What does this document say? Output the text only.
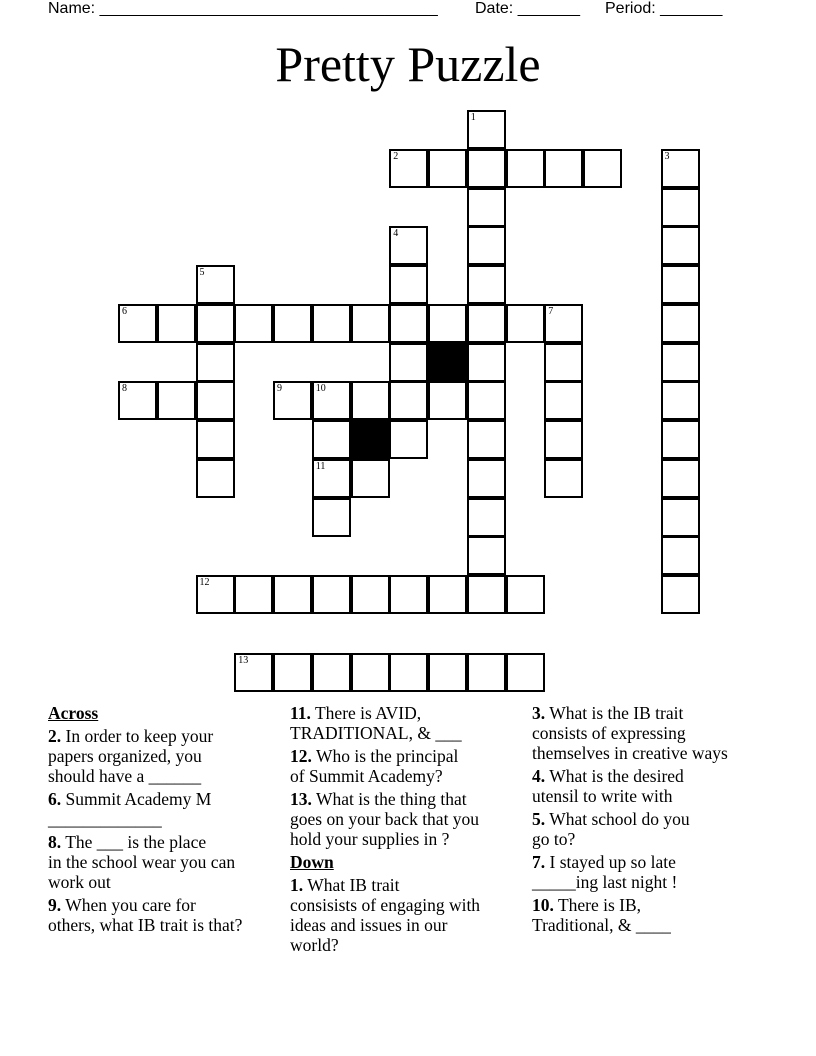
Name: ______________________________________ Date: _______ Period: _______
Pretty Puzzle
1
2	3
4
5
6	7
8	9	10
11
12
13
Across
2. In order to keep your
papers organized, you
should have a ______
6. Summit Academy M
_____________
8. The ___ is the place
in the school wear you can
work out
9. When you care for
others, what IB trait is that?
11. There is AVID,
TRADITIONAL, & ___
12. Who is the principal
of Summit Academy?
13. What is the thing that
goes on your back that you
hold your supplies in ?
Down
1. What IB trait
consisists of engaging with
ideas and issues in our
world?
3. What is the IB trait
consists of expressing
themselves in creative ways
4. What is the desired
utensil to write with
5. What school do you
go to?
7. I stayed up so late
_____ing last night !
10. There is IB,
Traditional, & ____
